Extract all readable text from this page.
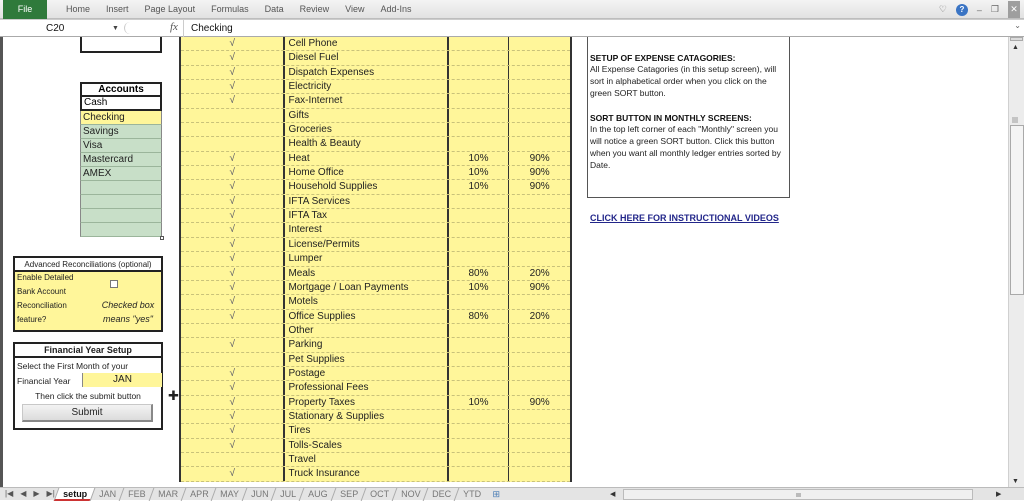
File	Home	Insert	Page Layout	Formulas	Data	Review	View	Add-Ins	♡	?	– ❐ ✕
C20	▼	fx Checking	⌄
Accounts
Cash
Checking
Savings
Visa
Mastercard
AMEX
Advanced Reconciliations (optional)
Enable Detailed
Bank Account
Reconciliation
feature?
Checked box
means "yes"
Financial Year Setup
Select the First Month of your
Financial Year	JAN
Then click the submit button
Submit
✚
√	Cell Phone
√	Diesel Fuel
√	Dispatch Expenses
√	Electricity
√	Fax-Internet
Gifts
Groceries
Health & Beauty
√	Heat	10%	90%
√	Home Office	10%	90%
√	Household Supplies	10%	90%
√	IFTA Services
√	IFTA Tax
√	Interest
√	License/Permits
√	Lumper
√	Meals	80%	20%
√	Mortgage / Loan Payments	10%	90%
√	Motels
√	Office Supplies	80%	20%
Other
√	Parking
Pet Supplies
√	Postage
√	Professional Fees
√	Property Taxes	10%	90%
√	Stationary & Supplies
√	Tires
√	Tolls-Scales
Travel
√	Truck Insurance
SETUP OF EXPENSE CATAGORIES:
All Expense Catagories (in this setup screen), will sort in alphabetical order when you click on the green SORT button.
SORT BUTTON IN MONTHLY SCREENS:
In the top left corner of each "Monthly" screen you will notice a green SORT button. Click this button when you want all monthly ledger entries sorted by Date.
CLICK HERE FOR INSTRUCTIONAL VIDEOS
▲
▼
|◀ ◀ ▶ ▶| setup	JAN	FEB	MAR	APR	MAY	JUN	JUL	AUG	SEP	OCT	NOV	DEC	YTD	⊞	◀	▶
